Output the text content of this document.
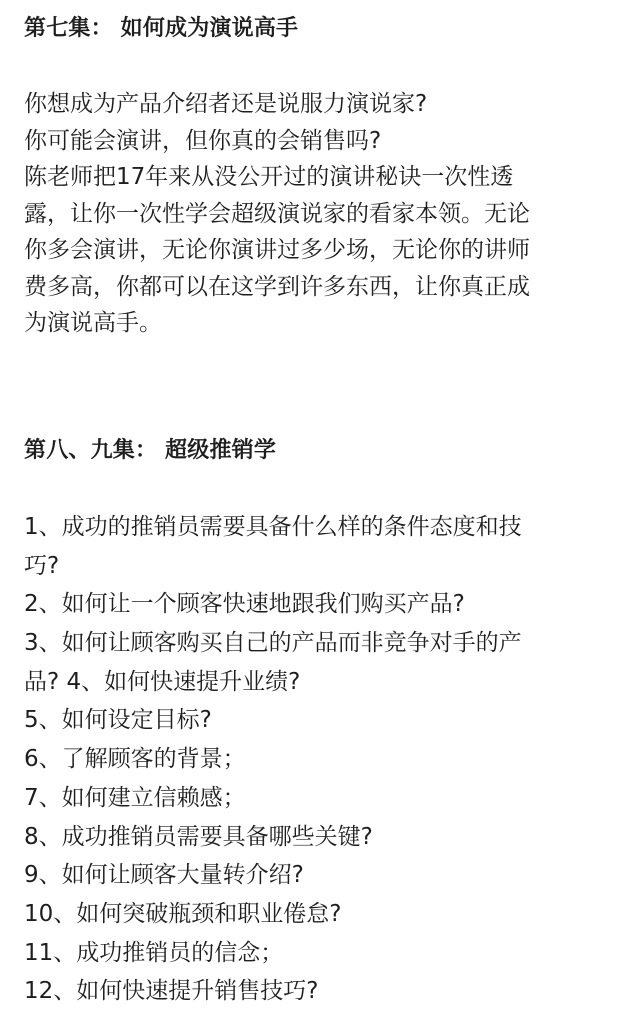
第七集： 如何成为演说高手

你想成为产品介绍者还是说服力演说家?
你可能会演讲，但你真的会销售吗?
陈老师把17年来从没公开过的演讲秘诀一次性透
露，让你一次性学会超级演说家的看家本领。无论
你多会演讲，无论你演讲过多少场，无论你的讲师
费多高，你都可以在这学到许多东西，让你真正成
为演说高手。

第八、九集： 超级推销学
1、成功的推销员需要具备什么样的条件态度和技
巧?
2、如何让一个顾客快速地跟我们购买产品?
3、如何让顾客购买自己的产品而非竞争对手的产
品? 4、如何快速提升业绩?
5、如何设定目标?
6、了解顾客的背景；
7、如何建立信赖感；
8、成功推销员需要具备哪些关键?
9、如何让顾客大量转介绍?
10、如何突破瓶颈和职业倦怠?
11、成功推销员的信念；
12、如何快速提升销售技巧?
